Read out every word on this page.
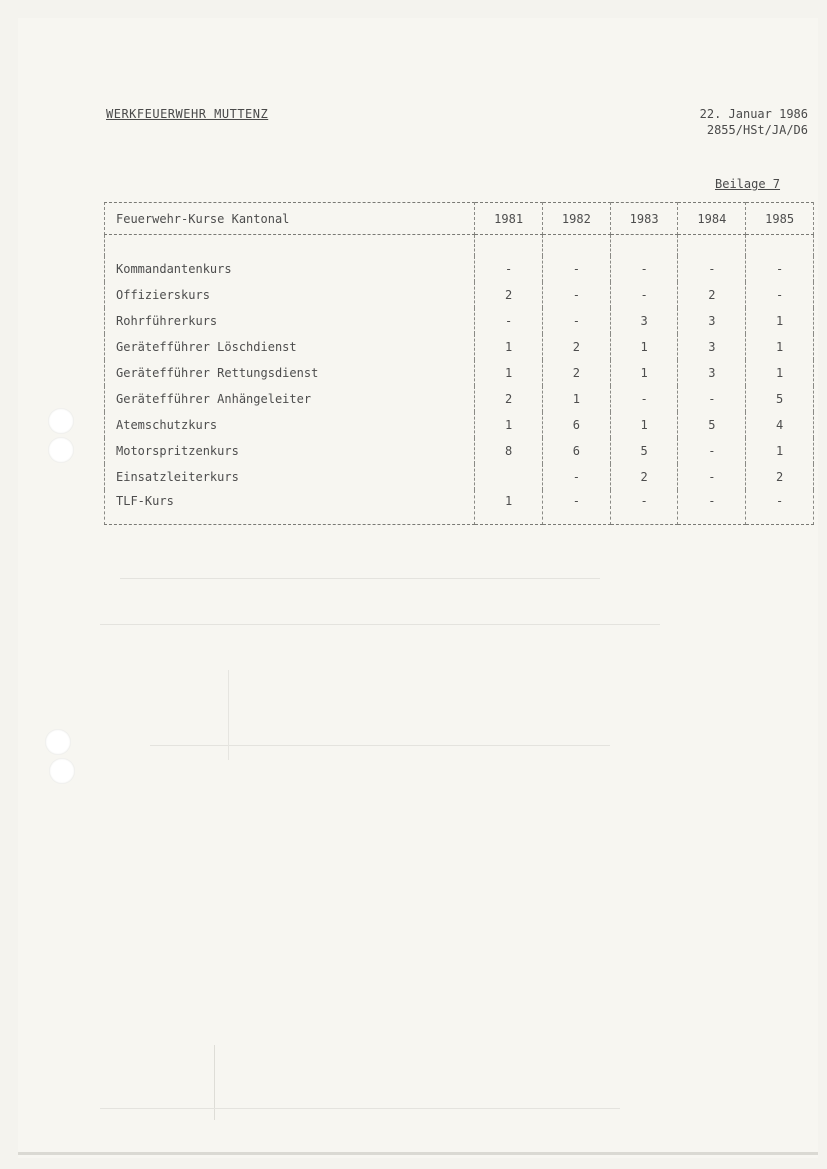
WERKFEUERWEHR MUTTENZ	22. Januar 1986
2855/HSt/JA/D6
Beilage 7
Feuerwehr-Kurse Kantonal	1981	1982	1983	1984	1985

Kommandantenkurs	-	-	-	-	-
Offizierskurs	2	-	-	2	-
Rohrführerkurs	-	-	3	3	1
Gerätefführer Löschdienst	1	2	1	3	1
Gerätefführer Rettungsdienst	1	2	1	3	1
Gerätefführer Anhängeleiter	2	1	-	-	5
Atemschutzkurs	1	6	1	5	4
Motorspritzenkurs	8	6	5	-	1
Einsatzleiterkurs		-	2	-	2
TLF-Kurs	1	-	-	-	-
